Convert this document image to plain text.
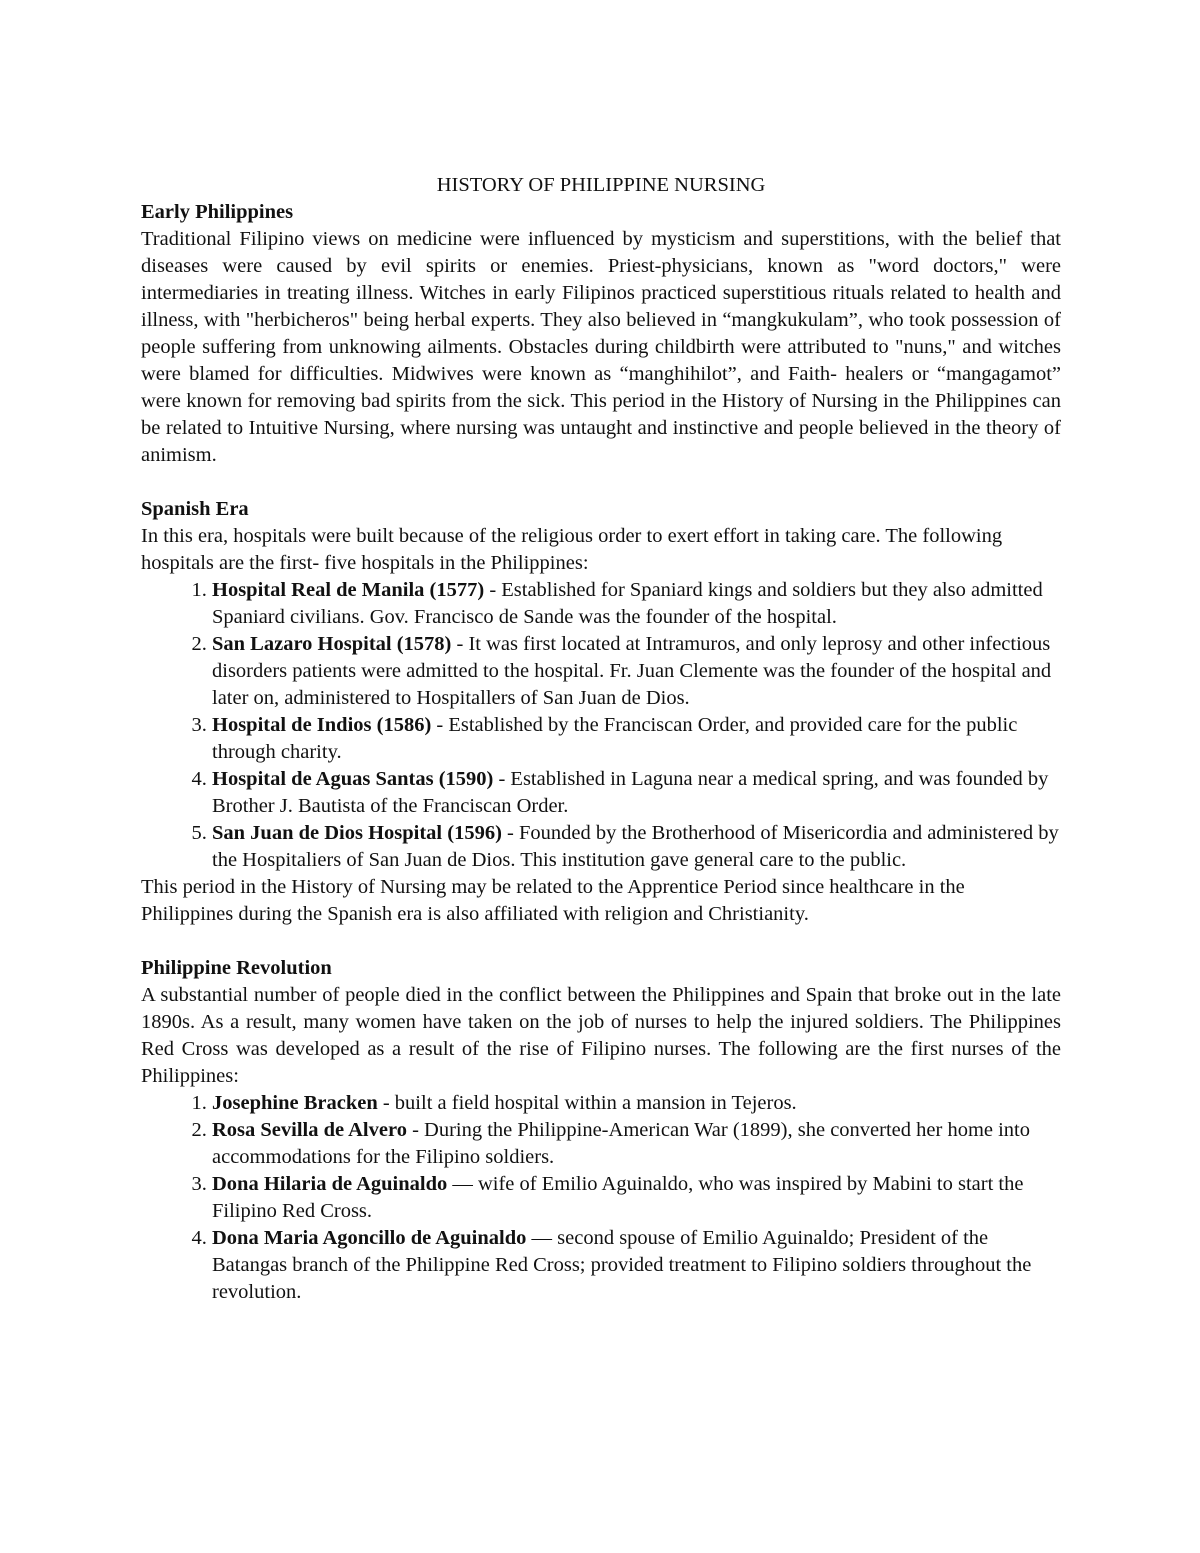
HISTORY OF PHILIPPINE NURSING

Early Philippines

Traditional Filipino views on medicine were influenced by mysticism and superstitions, with the belief that diseases were caused by evil spirits or enemies. Priest-physicians, known as "word doctors," were intermediaries in treating illness. Witches in early Filipinos practiced superstitious rituals related to health and illness, with "herbicheros" being herbal experts. They also believed in “mangkukulam”, who took possession of people suffering from unknowing ailments. Obstacles during childbirth were attributed to "nuns," and witches were blamed for difficulties. Midwives were known as “manghihilot”, and Faith- healers or “mangagamot” were known for removing bad spirits from the sick. This period in the History of Nursing in the Philippines can be related to Intuitive Nursing, where nursing was untaught and instinctive and people believed in the theory of animism.

Spanish Era

In this era, hospitals were built because of the religious order to exert effort in taking care. The following hospitals are the first- five hospitals in the Philippines:

1. Hospital Real de Manila (1577) - Established for Spaniard kings and soldiers but they also admitted Spaniard civilians. Gov. Francisco de Sande was the founder of the hospital.
2. San Lazaro Hospital (1578) - It was first located at Intramuros, and only leprosy and other infectious disorders patients were admitted to the hospital. Fr. Juan Clemente was the founder of the hospital and later on, administered to Hospitallers of San Juan de Dios.
3. Hospital de Indios (1586) - Established by the Franciscan Order, and provided care for the public through charity.
4. Hospital de Aguas Santas (1590) - Established in Laguna near a medical spring, and was founded by Brother J. Bautista of the Franciscan Order.
5. San Juan de Dios Hospital (1596) - Founded by the Brotherhood of Misericordia and administered by the Hospitaliers of San Juan de Dios. This institution gave general care to the public.

This period in the History of Nursing may be related to the Apprentice Period since healthcare in the Philippines during the Spanish era is also affiliated with religion and Christianity.

Philippine Revolution

A substantial number of people died in the conflict between the Philippines and Spain that broke out in the late 1890s. As a result, many women have taken on the job of nurses to help the injured soldiers. The Philippines Red Cross was developed as a result of the rise of Filipino nurses. The following are the first nurses of the Philippines:

1. Josephine Bracken - built a field hospital within a mansion in Tejeros.
2. Rosa Sevilla de Alvero - During the Philippine-American War (1899), she converted her home into accommodations for the Filipino soldiers.
3. Dona Hilaria de Aguinaldo — wife of Emilio Aguinaldo, who was inspired by Mabini to start the Filipino Red Cross.
4. Dona Maria Agoncillo de Aguinaldo — second spouse of Emilio Aguinaldo; President of the Batangas branch of the Philippine Red Cross; provided treatment to Filipino soldiers throughout the revolution.
